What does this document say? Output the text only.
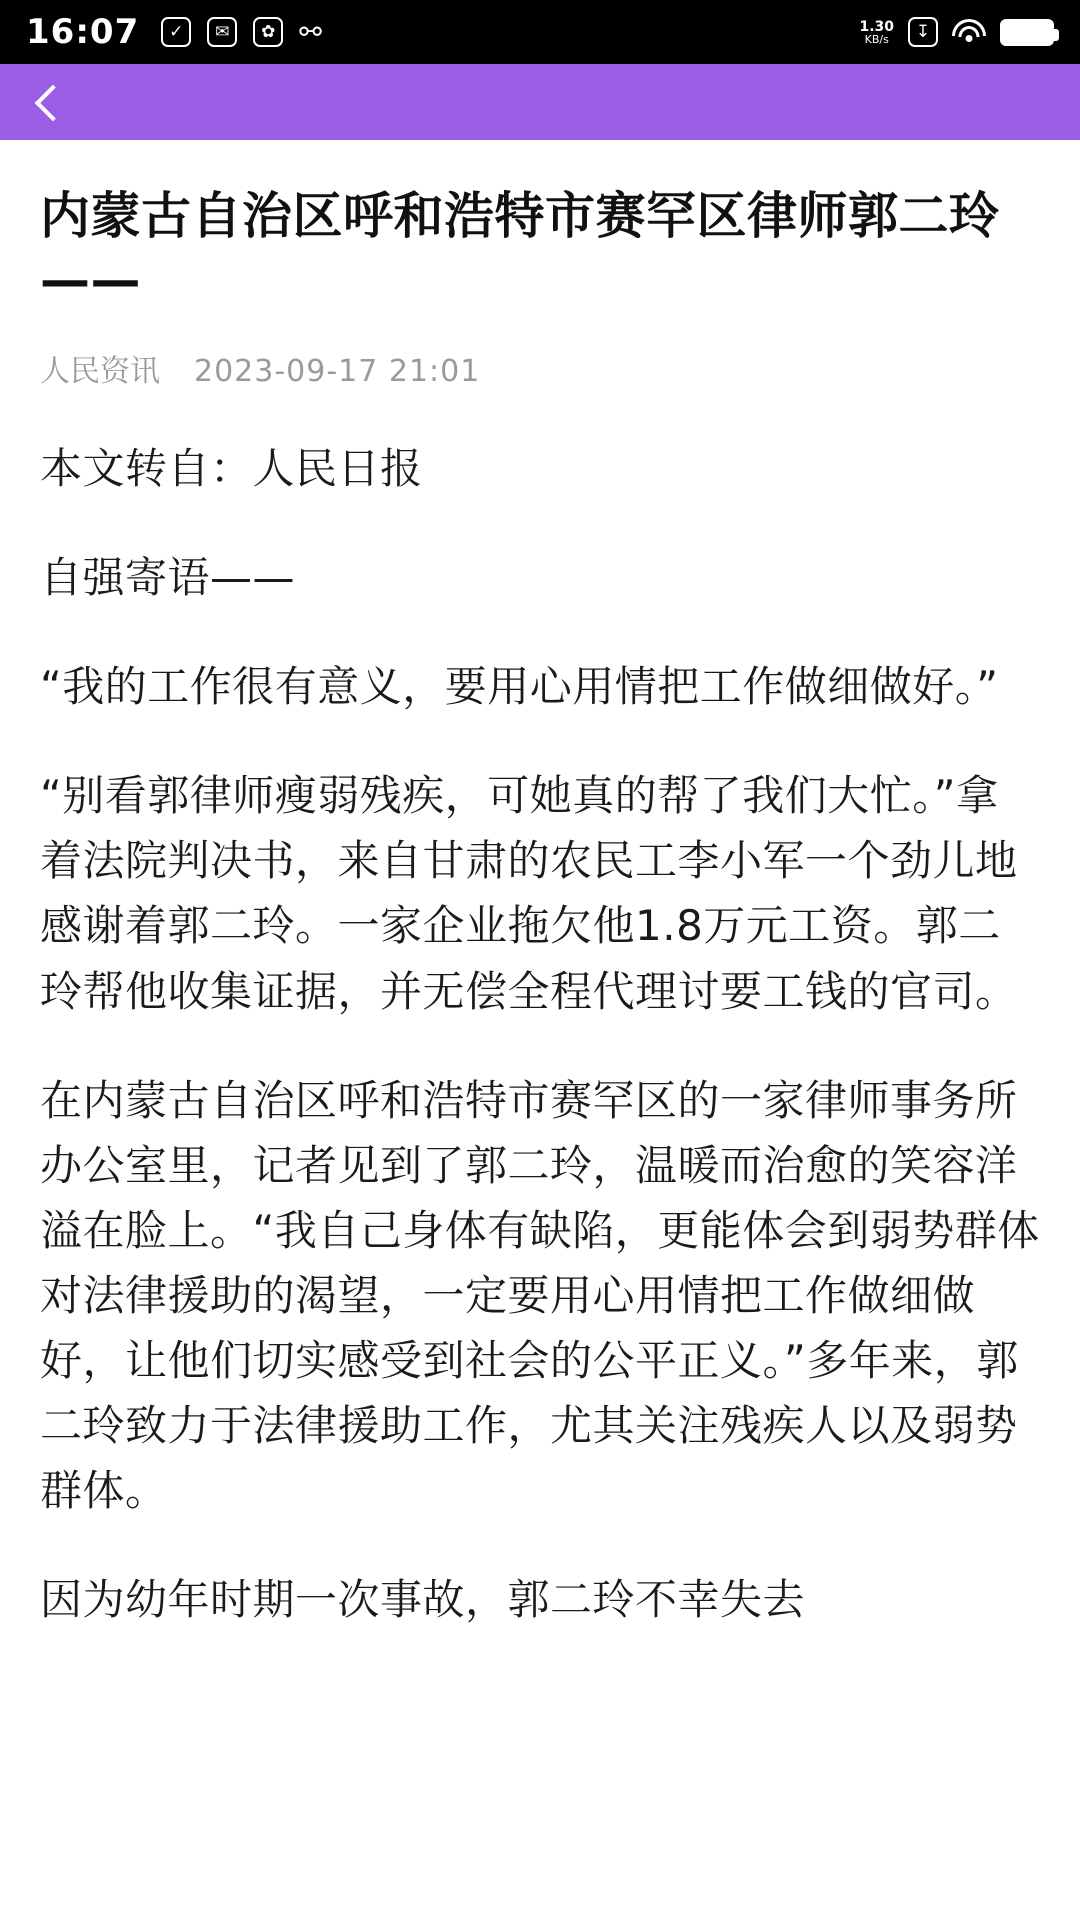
16:07	✓	✉	✿ ⚯	1.30
KB/s	↧
内蒙古自治区呼和浩特市赛罕区律师郭二玲——
人民资讯 2023-09-17 21:01

本文转自：人民日报

自强寄语——

“我的工作很有意义，要用心用情把工作做细做好。”

“别看郭律师瘦弱残疾，可她真的帮了我们大忙。”拿着法院判决书，来自甘肃的农民工李小军一个劲儿地感谢着郭二玲。一家企业拖欠他1.8万元工资。郭二玲帮他收集证据，并无偿全程代理讨要工钱的官司。

在内蒙古自治区呼和浩特市赛罕区的一家律师事务所办公室里，记者见到了郭二玲，温暖而治愈的笑容洋溢在脸上。“我自己身体有缺陷，更能体会到弱势群体对法律援助的渴望，一定要用心用情把工作做细做好，让他们切实感受到社会的公平正义。”多年来，郭二玲致力于法律援助工作，尤其关注残疾人以及弱势群体。

因为幼年时期一次事故，郭二玲不幸失去
